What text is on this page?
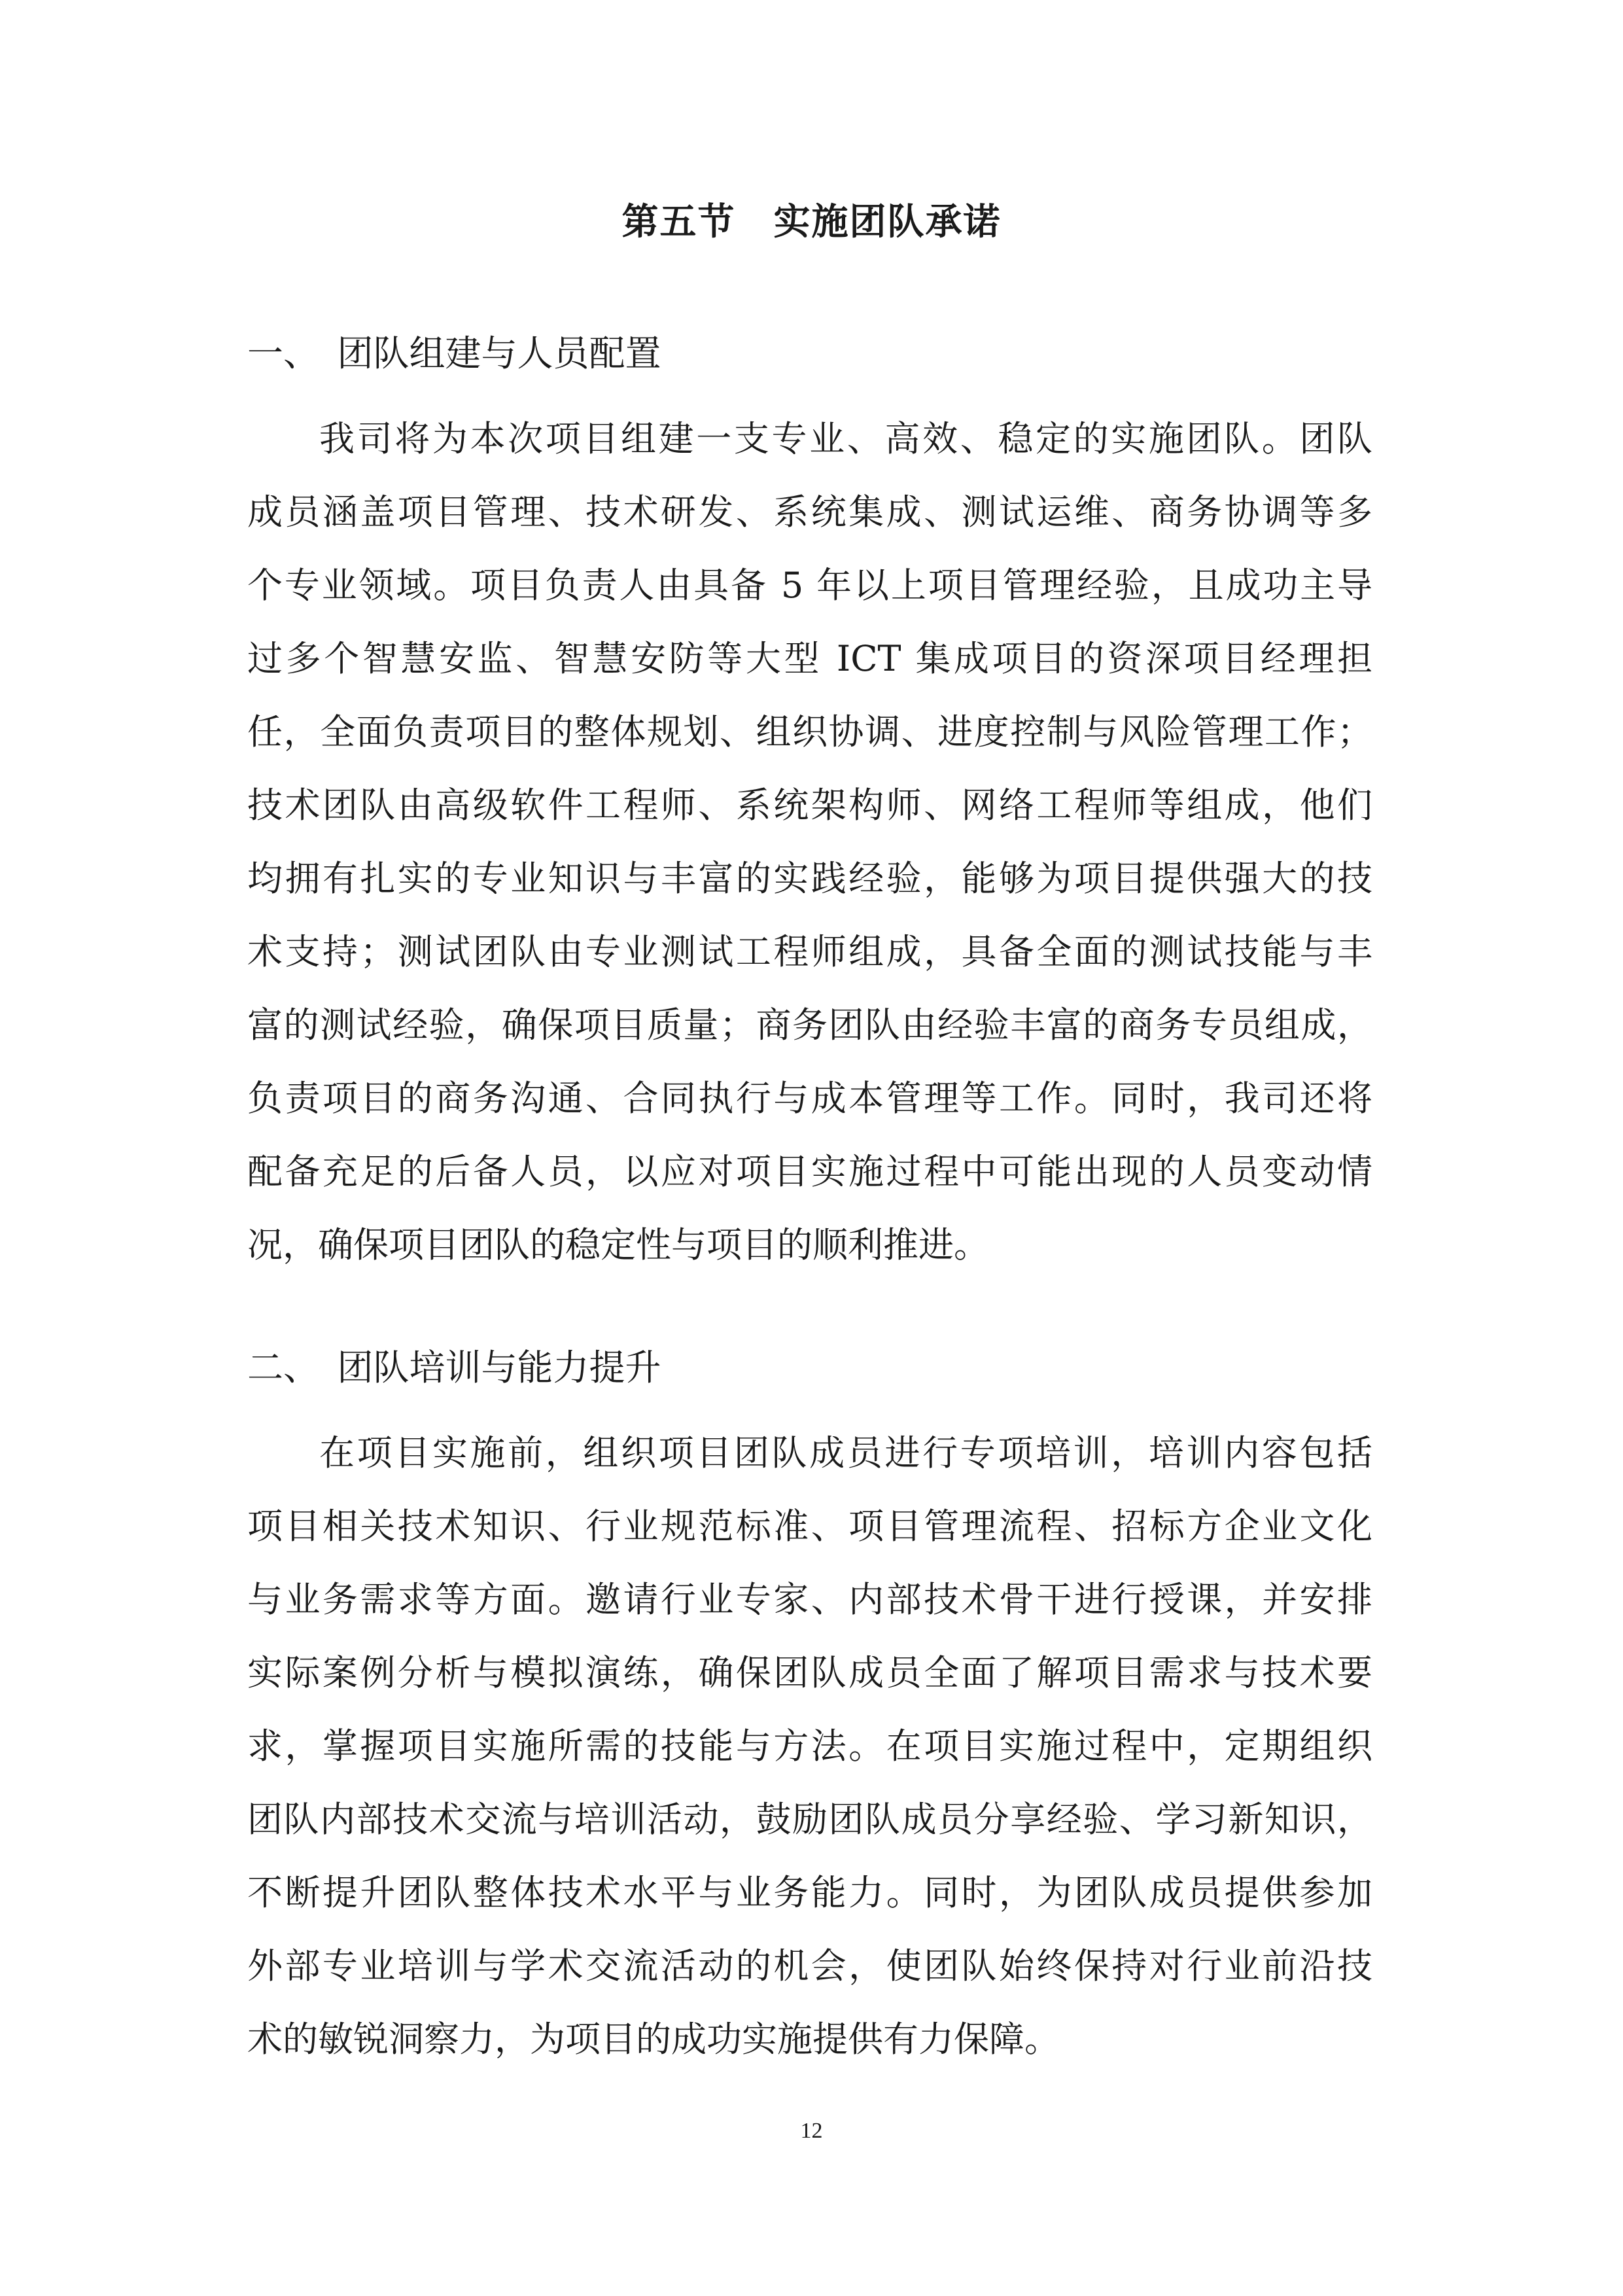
第五节　实施团队承诺
一、　团队组建与人员配置
我司将为本次项目组建一支专业、高效、稳定的实施团队。团队
成员涵盖项目管理、技术研发、系统集成、测试运维、商务协调等多
个专业领域。项目负责人由具备 5 年以上项目管理经验，且成功主导
过多个智慧安监、智慧安防等大型 ICT 集成项目的资深项目经理担
任，全面负责项目的整体规划、组织协调、进度控制与风险管理工作；
技术团队由高级软件工程师、系统架构师、网络工程师等组成，他们
均拥有扎实的专业知识与丰富的实践经验，能够为项目提供强大的技
术支持；测试团队由专业测试工程师组成，具备全面的测试技能与丰
富的测试经验，确保项目质量；商务团队由经验丰富的商务专员组成，
负责项目的商务沟通、合同执行与成本管理等工作。同时，我司还将
配备充足的后备人员，以应对项目实施过程中可能出现的人员变动情
况，确保项目团队的稳定性与项目的顺利推进。
二、　团队培训与能力提升
在项目实施前，组织项目团队成员进行专项培训，培训内容包括
项目相关技术知识、行业规范标准、项目管理流程、招标方企业文化
与业务需求等方面。邀请行业专家、内部技术骨干进行授课，并安排
实际案例分析与模拟演练，确保团队成员全面了解项目需求与技术要
求，掌握项目实施所需的技能与方法。在项目实施过程中，定期组织
团队内部技术交流与培训活动，鼓励团队成员分享经验、学习新知识，
不断提升团队整体技术水平与业务能力。同时，为团队成员提供参加
外部专业培训与学术交流活动的机会，使团队始终保持对行业前沿技
术的敏锐洞察力，为项目的成功实施提供有力保障。
12
